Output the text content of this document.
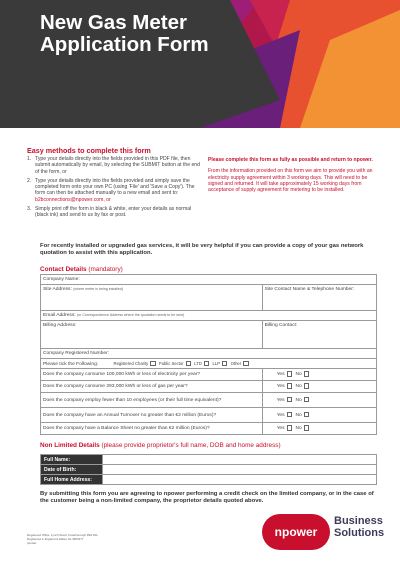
New Gas Meter
Application Form
Easy methods to complete this form
1. Type your details directly into the fields provided in this PDF file, then submit automatically by email, by selecting the SUBMIT button at the end of the form, or
2. Type your details directly into the fields provided and simply save the completed form onto your own PC (using 'File' and 'Save a Copy'). The form can then be attached manually to a new email and sent to: b2bconnections@npower.com, or
3. Simply print off the form in black & white, enter your details as normal (black ink) and send to us by fax or post.
Please complete this form as fully as possible and return to npower.
From the information provided on this form we aim to provide you with an electricity supply agreement within 3 working days. This will need to be signed and returned. It will take approximately 15 working days from acceptance of supply agreement for metering to be installed.
For recently installed or upgraded gas services, it will be very helpful if you can provide a copy of your gas network quotation to assist with this application.
Contact Details (mandatory)
Company Name:	
Site Address: (where meter is being installed)	Site Contact Name & Telephone Number:
Email Address: (or Correspondence Address where the quotation needs to be sent)	
Billing Address:	Billing Contact:
Company Registered Number:	
Please tick the Following: Registered Charity Public Sector LTD LLP Other	
Does the company consume 100,000 kWh or less of electricity per year?	Yes No
Does the company consume 293,000 kWh or less of gas per year?	Yes No
Does the company employ fewer than 10 employees (or their full time equivalent)?	Yes No
Does the company have an Annual Turnover no greater than €2 million (Euros)?	Yes No
Does the company have a Balance Sheet no greater than €2 million (Euros)?	Yes No
Non Limited Details (please provide proprietor's full name, DOB and home address)
Full Name:	
Date of Birth:	
Full Home Address:	
By submitting this form you are agreeing to npower performing a credit check on the limited company, or in the case of the customer being a non-limited company, the proprietor details quoted above.
Registered Office: Lynch Wood, Peterborough PE2 6FL
Registered in England & Wales No 3653277
npower
npower
Business
Solutions
